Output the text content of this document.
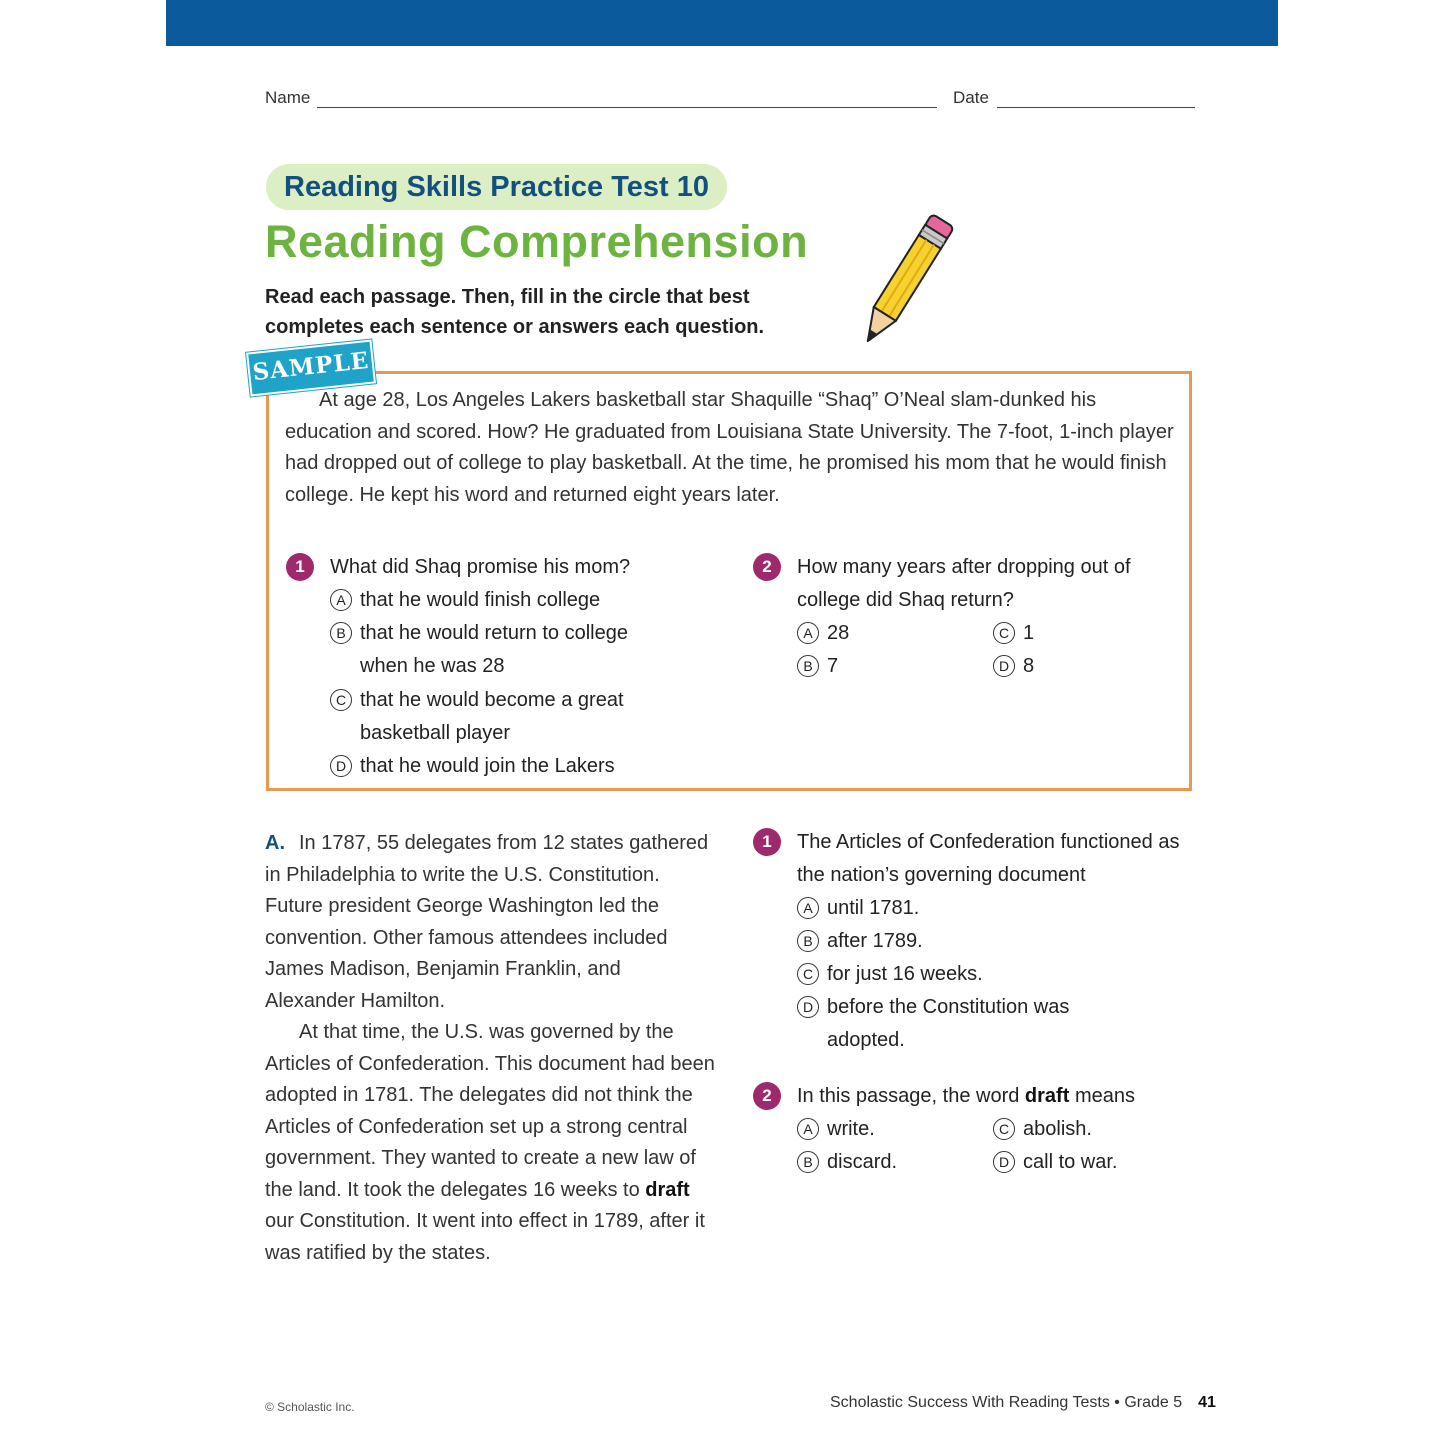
Name	Date
Reading Skills Practice Test 10
Reading Comprehension
Read each passage. Then, fill in the circle that best completes each sentence or answers each question.
SAMPLE

At age 28, Los Angeles Lakers basketball star Shaquille “Shaq” O’Neal slam-dunked his education and scored. How? He graduated from Louisiana State University. The 7-foot, 1-inch player had dropped out of college to play basketball. At the time, he promised his mom that he would finish college. He kept his word and returned eight years later.

1	What did Shaq promise his mom?
A that he would finish college
B that he would return to college when he was 28
C that he would become a great basketball player
D that he would join the Lakers
2	How many years after dropping out of college did Shaq return?
A 28
B 7
C 1
D 8

A. In 1787, 55 delegates from 12 states gathered in Philadelphia to write the U.S. Constitution. Future president George Washington led the convention. Other famous attendees included James Madison, Benjamin Franklin, and Alexander Hamilton.

At that time, the U.S. was governed by the Articles of Confederation. This document had been adopted in 1781. The delegates did not think the Articles of Confederation set up a strong central government. They wanted to create a new law of the land. It took the delegates 16 weeks to draft our Constitution. It went into effect in 1789, after it was ratified by the states.

1	The Articles of Confederation functioned as the nation’s governing document
A until 1781.
B after 1789.
C for just 16 weeks.
D before the Constitution was adopted.
2	In this passage, the word draft means
A write.
B discard.
C abolish.
D call to war.
© Scholastic Inc.	Scholastic Success With Reading Tests • Grade 5 41
